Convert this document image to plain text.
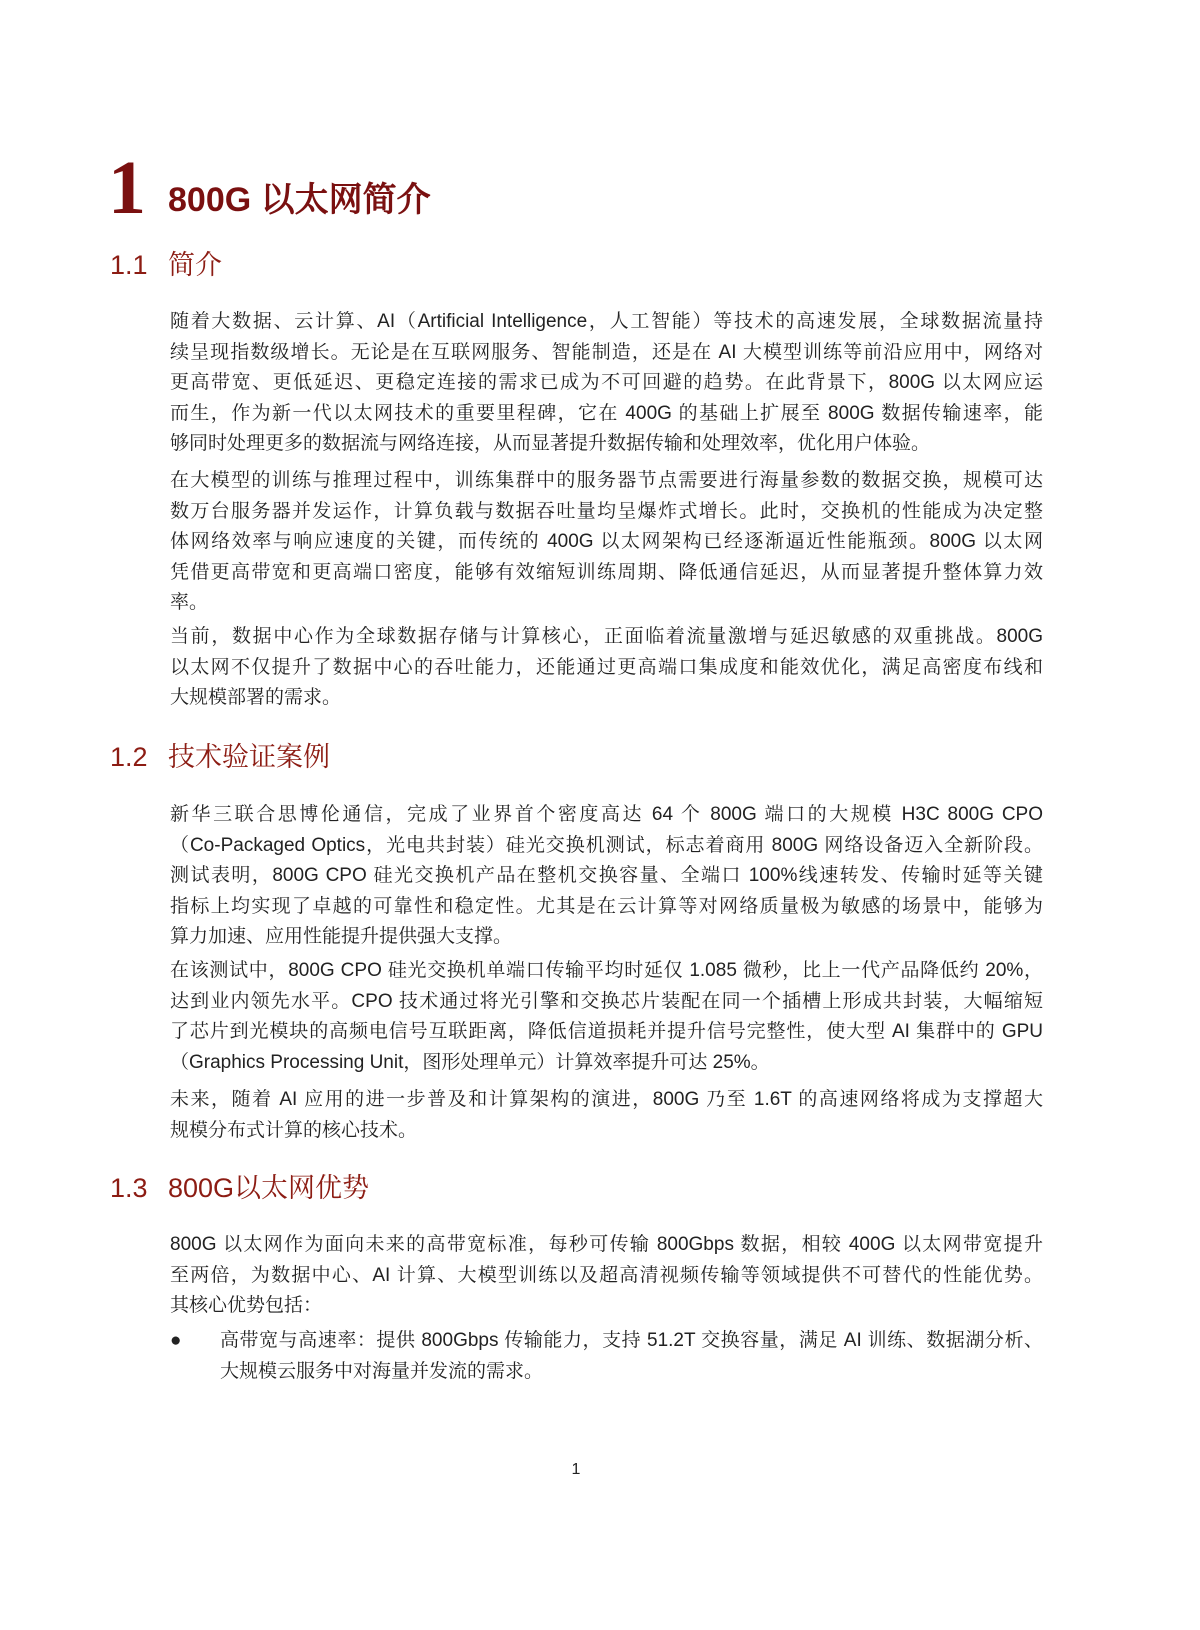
1 800G 以太网简介
1.1 简介
1.2 技术验证案例
1.3 800G以太网优势
随着大数据、云计算、AI（Artificial Intelligence，人工智能）等技术的高速发展，全球数据流量持
续呈现指数级增长。无论是在互联网服务、智能制造，还是在 AI 大模型训练等前沿应用中，网络对
更高带宽、更低延迟、更稳定连接的需求已成为不可回避的趋势。在此背景下，800G 以太网应运
而生，作为新一代以太网技术的重要里程碑，它在 400G 的基础上扩展至 800G 数据传输速率，能
够同时处理更多的数据流与网络连接，从而显著提升数据传输和处理效率，优化用户体验。
在大模型的训练与推理过程中，训练集群中的服务器节点需要进行海量参数的数据交换，规模可达
数万台服务器并发运作，计算负载与数据吞吐量均呈爆炸式增长。此时，交换机的性能成为决定整
体网络效率与响应速度的关键，而传统的 400G 以太网架构已经逐渐逼近性能瓶颈。800G 以太网
凭借更高带宽和更高端口密度，能够有效缩短训练周期、降低通信延迟，从而显著提升整体算力效
率。
当前，数据中心作为全球数据存储与计算核心，正面临着流量激增与延迟敏感的双重挑战。800G
以太网不仅提升了数据中心的吞吐能力，还能通过更高端口集成度和能效优化，满足高密度布线和
大规模部署的需求。
新华三联合思博伦通信，完成了业界首个密度高达 64 个 800G 端口的大规模 H3C 800G CPO
（Co-Packaged Optics，光电共封装）硅光交换机测试，标志着商用 800G 网络设备迈入全新阶段。
测试表明，800G CPO 硅光交换机产品在整机交换容量、全端口 100%线速转发、传输时延等关键
指标上均实现了卓越的可靠性和稳定性。尤其是在云计算等对网络质量极为敏感的场景中，能够为
算力加速、应用性能提升提供强大支撑。
在该测试中，800G CPO 硅光交换机单端口传输平均时延仅 1.085 微秒，比上一代产品降低约 20%，
达到业内领先水平。CPO 技术通过将光引擎和交换芯片装配在同一个插槽上形成共封装，大幅缩短
了芯片到光模块的高频电信号互联距离，降低信道损耗并提升信号完整性，使大型 AI 集群中的 GPU
（Graphics Processing Unit，图形处理单元）计算效率提升可达 25%。
未来，随着 AI 应用的进一步普及和计算架构的演进，800G 乃至 1.6T 的高速网络将成为支撑超大
规模分布式计算的核心技术。
800G 以太网作为面向未来的高带宽标准，每秒可传输 800Gbps 数据，相较 400G 以太网带宽提升
至两倍，为数据中心、AI 计算、大模型训练以及超高清视频传输等领域提供不可替代的性能优势。
其核心优势包括：
● 高带宽与高速率：提供 800Gbps 传输能力，支持 51.2T 交换容量，满足 AI 训练、数据湖分析、
大规模云服务中对海量并发流的需求。
1
